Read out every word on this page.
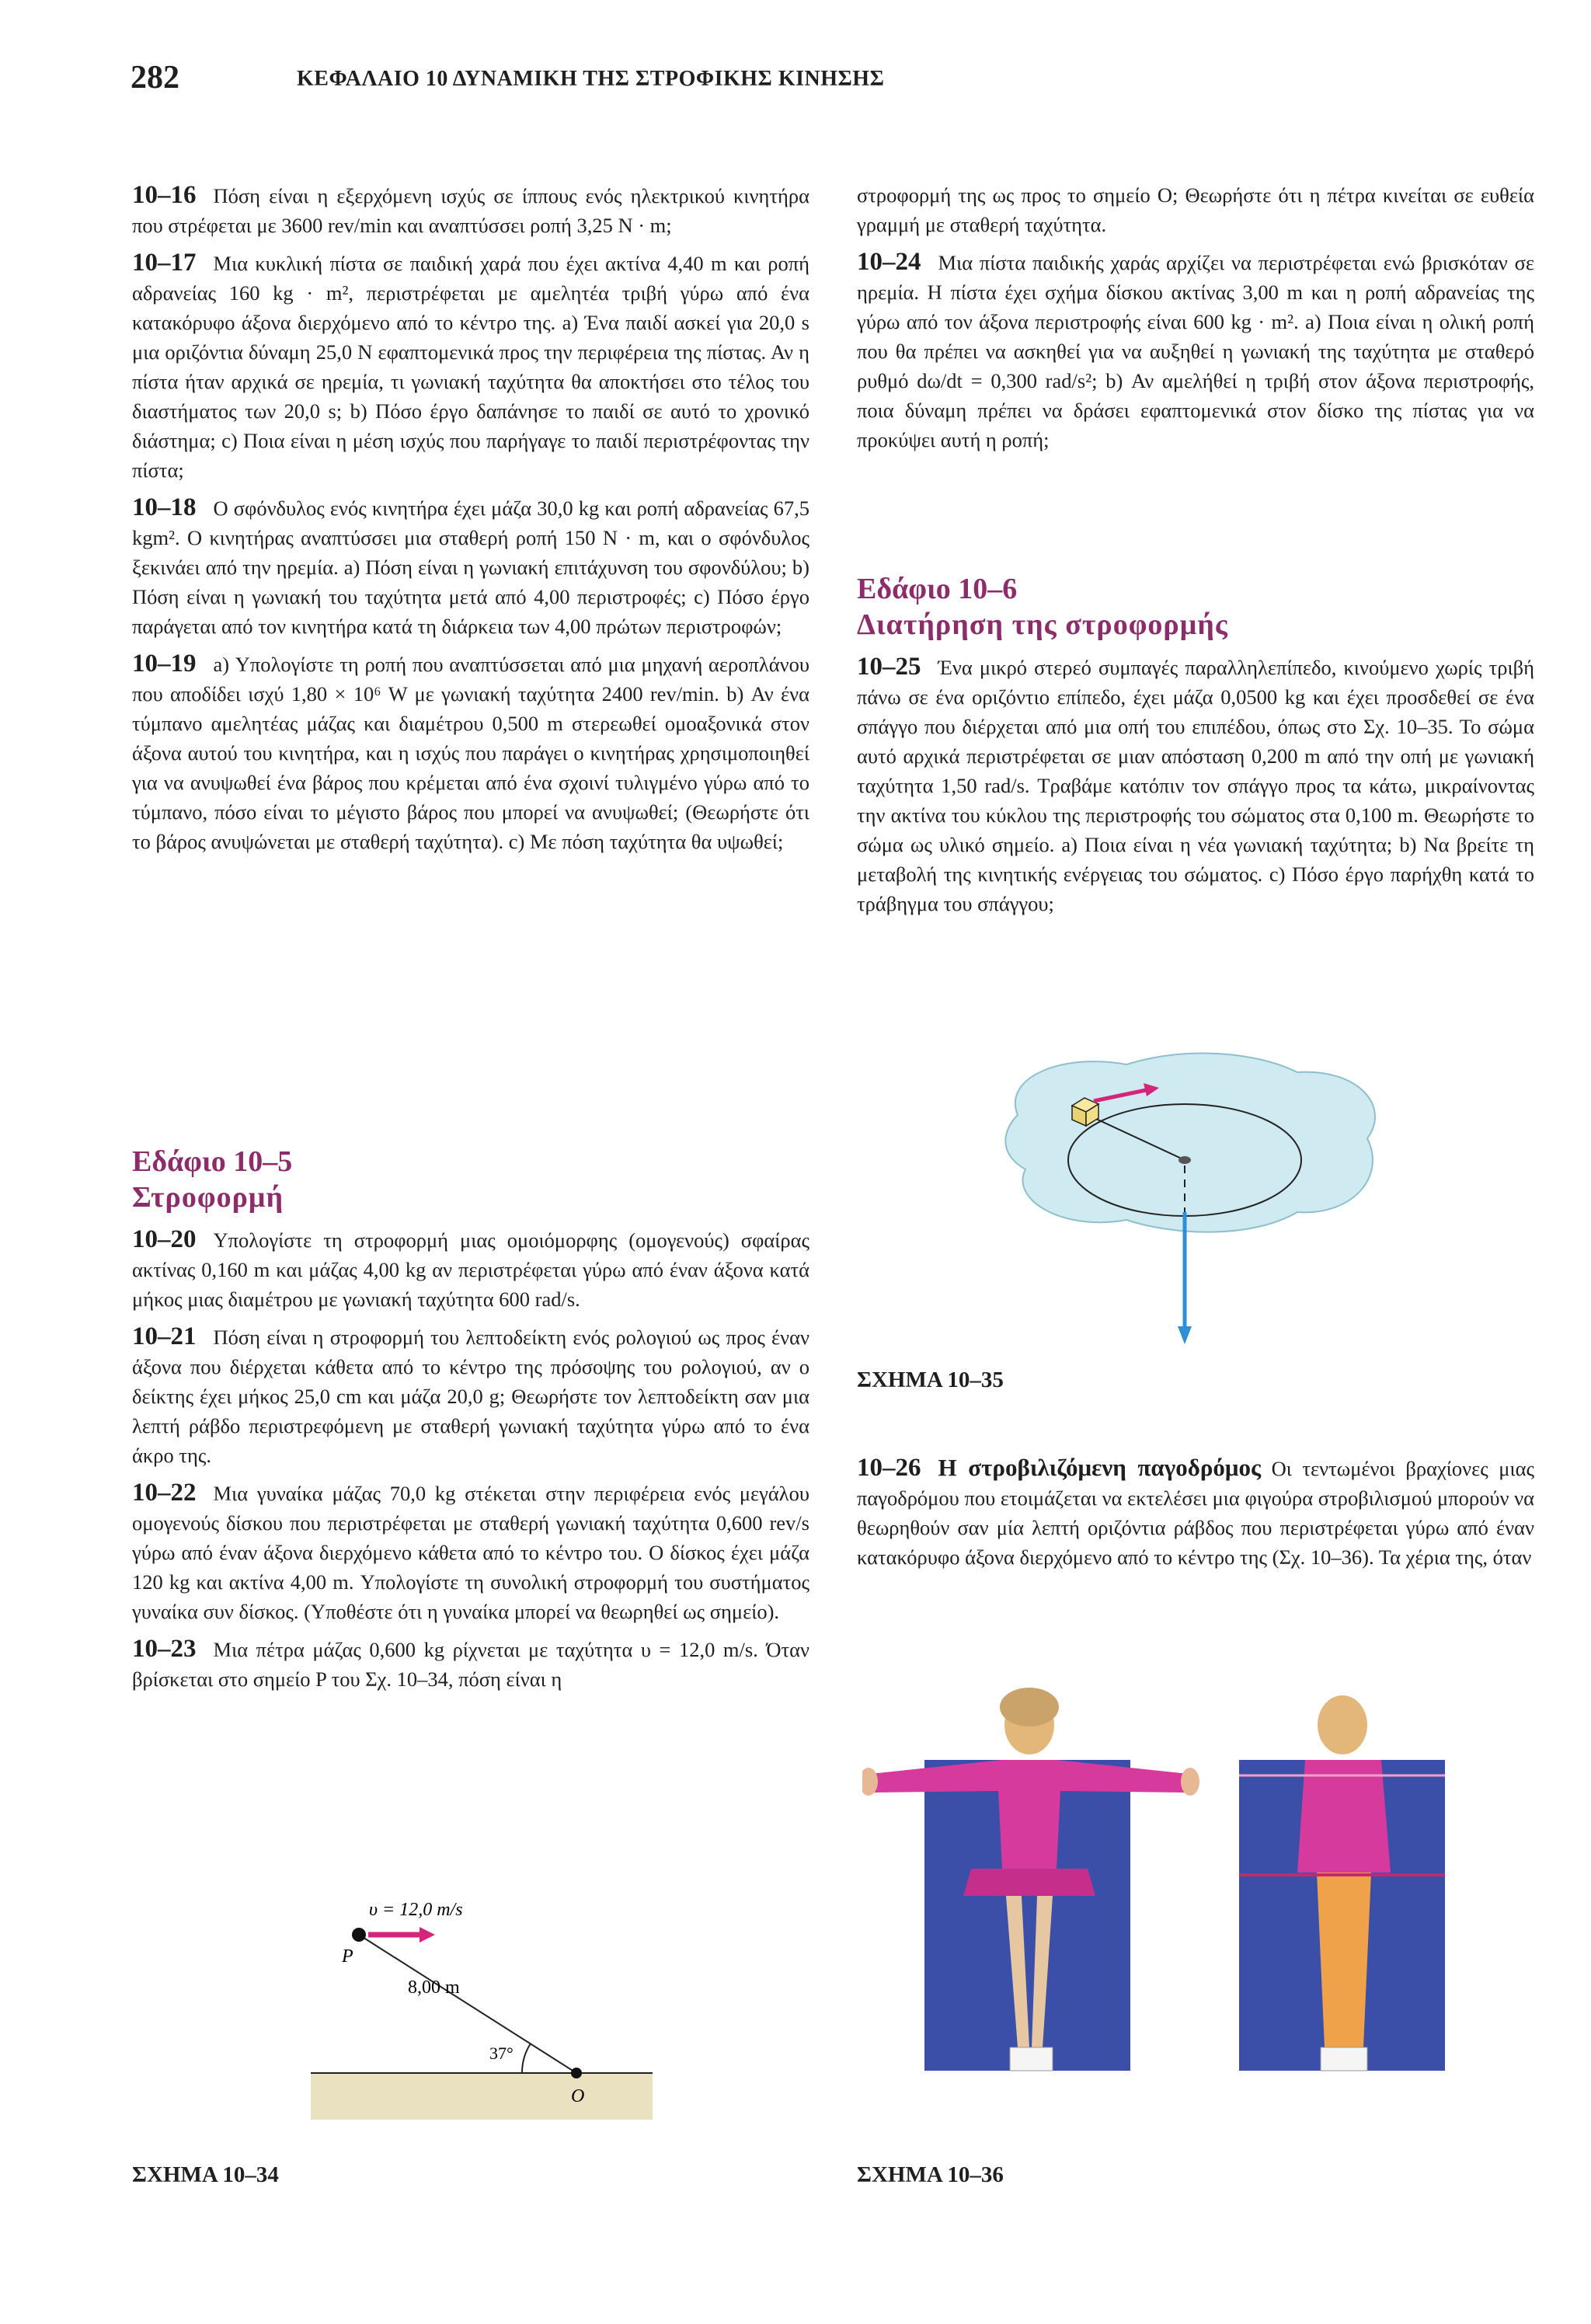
282	ΚΕΦΑΛΑΙΟ 10 ΔΥΝΑΜΙΚΗ ΤΗΣ ΣΤΡΟΦΙΚΗΣ ΚΙΝΗΣΗΣ

10–16 Πόση είναι η εξερχόμενη ισχύς σε ίππους ενός ηλεκτρικού κινητήρα που στρέφεται με 3600 rev/min και αναπτύσσει ροπή 3,25 N · m;

10–17 Μια κυκλική πίστα σε παιδική χαρά που έχει ακτίνα 4,40 m και ροπή αδρανείας 160 kg · m², περιστρέφεται με αμελητέα τριβή γύρω από ένα κατακόρυφο άξονα διερχόμενο από το κέντρο της. a) Ένα παιδί ασκεί για 20,0 s μια οριζόντια δύναμη 25,0 N εφαπτομενικά προς την περιφέρεια της πίστας. Αν η πίστα ήταν αρχικά σε ηρεμία, τι γωνιακή ταχύτητα θα αποκτήσει στο τέλος του διαστήματος των 20,0 s; b) Πόσο έργο δαπάνησε το παιδί σε αυτό το χρονικό διάστημα; c) Ποια είναι η μέση ισχύς που παρήγαγε το παιδί περιστρέφοντας την πίστα;

10–18 Ο σφόνδυλος ενός κινητήρα έχει μάζα 30,0 kg και ροπή αδρανείας 67,5 kgm². Ο κινητήρας αναπτύσσει μια σταθερή ροπή 150 N · m, και ο σφόνδυλος ξεκινάει από την ηρεμία. a) Πόση είναι η γωνιακή επιτάχυνση του σφονδύλου; b) Πόση είναι η γωνιακή του ταχύτητα μετά από 4,00 περιστροφές; c) Πόσο έργο παράγεται από τον κινητήρα κατά τη διάρκεια των 4,00 πρώτων περιστροφών;

10–19 a) Υπολογίστε τη ροπή που αναπτύσσεται από μια μηχανή αεροπλάνου που αποδίδει ισχύ 1,80 × 10⁶ W με γωνιακή ταχύτητα 2400 rev/min. b) Αν ένα τύμπανο αμελητέας μάζας και διαμέτρου 0,500 m στερεωθεί ομοαξονικά στον άξονα αυτού του κινητήρα, και η ισχύς που παράγει ο κινητήρας χρησιμοποιηθεί για να ανυψωθεί ένα βάρος που κρέμεται από ένα σχοινί τυλιγμένο γύρω από το τύμπανο, πόσο είναι το μέγιστο βάρος που μπορεί να ανυψωθεί; (Θεωρήστε ότι το βάρος ανυψώνεται με σταθερή ταχύτητα). c) Με πόση ταχύτητα θα υψωθεί;

Εδάφιο 10–5
Στροφορμή

10–20 Υπολογίστε τη στροφορμή μιας ομοιόμορφης (ομογενούς) σφαίρας ακτίνας 0,160 m και μάζας 4,00 kg αν περιστρέφεται γύρω από έναν άξονα κατά μήκος μιας διαμέτρου με γωνιακή ταχύτητα 600 rad/s.

10–21 Πόση είναι η στροφορμή του λεπτοδείκτη ενός ρολογιού ως προς έναν άξονα που διέρχεται κάθετα από το κέντρο της πρόσοψης του ρολογιού, αν ο δείκτης έχει μήκος 25,0 cm και μάζα 20,0 g; Θεωρήστε τον λεπτοδείκτη σαν μια λεπτή ράβδο περιστρεφόμενη με σταθερή γωνιακή ταχύτητα γύρω από το ένα άκρο της.

10–22 Μια γυναίκα μάζας 70,0 kg στέκεται στην περιφέρεια ενός μεγάλου ομογενούς δίσκου που περιστρέφεται με σταθερή γωνιακή ταχύτητα 0,600 rev/s γύρω από έναν άξονα διερχόμενο κάθετα από το κέντρο του. Ο δίσκος έχει μάζα 120 kg και ακτίνα 4,00 m. Υπολογίστε τη συνολική στροφορμή του συστήματος γυναίκα συν δίσκος. (Υποθέστε ότι η γυναίκα μπορεί να θεωρηθεί ως σημείο).

10–23 Μια πέτρα μάζας 0,600 kg ρίχνεται με ταχύτητα υ = 12,0 m/s. Όταν βρίσκεται στο σημείο P του Σχ. 10–34, πόση είναι η

υ = 12,0 m/s
P
8,00 m
37°
O
ΣΧΗΜΑ 10–34

στροφορμή της ως προς το σημείο O; Θεωρήστε ότι η πέτρα κινείται σε ευθεία γραμμή με σταθερή ταχύτητα.

10–24 Μια πίστα παιδικής χαράς αρχίζει να περιστρέφεται ενώ βρισκόταν σε ηρεμία. Η πίστα έχει σχήμα δίσκου ακτίνας 3,00 m και η ροπή αδρανείας της γύρω από τον άξονα περιστροφής είναι 600 kg · m². a) Ποια είναι η ολική ροπή που θα πρέπει να ασκηθεί για να αυξηθεί η γωνιακή της ταχύτητα με σταθερό ρυθμό dω/dt = 0,300 rad/s²; b) Αν αμελήθεί η τριβή στον άξονα περιστροφής, ποια δύναμη πρέπει να δράσει εφαπτομενικά στον δίσκο της πίστας για να προκύψει αυτή η ροπή;

Εδάφιο 10–6
Διατήρηση της στροφορμής

10–25 Ένα μικρό στερεό συμπαγές παραλληλεπίπεδο, κινούμενο χωρίς τριβή πάνω σε ένα οριζόντιο επίπεδο, έχει μάζα 0,0500 kg και έχει προσδεθεί σε ένα σπάγγο που διέρχεται από μια οπή του επιπέδου, όπως στο Σχ. 10–35. Το σώμα αυτό αρχικά περιστρέφεται σε μιαν απόσταση 0,200 m από την οπή με γωνιακή ταχύτητα 1,50 rad/s. Τραβάμε κατόπιν τον σπάγγο προς τα κάτω, μικραίνοντας την ακτίνα του κύκλου της περιστροφής του σώματος στα 0,100 m. Θεωρήστε το σώμα ως υλικό σημείο. a) Ποια είναι η νέα γωνιακή ταχύτητα; b) Να βρείτε τη μεταβολή της κινητικής ενέργειας του σώματος. c) Πόσο έργο παρήχθη κατά το τράβηγμα του σπάγγου;

ΣΧΗΜΑ 10–35

10–26 Η στροβιλιζόμενη παγοδρόμος Οι τεντωμένοι βραχίονες μιας παγοδρόμου που ετοιμάζεται να εκτελέσει μια φιγούρα στροβιλισμού μπορούν να θεωρηθούν σαν μία λεπτή οριζόντια ράβδος που περιστρέφεται γύρω από έναν κατακόρυφο άξονα διερχόμενο από το κέντρο της (Σχ. 10–36). Τα χέρια της, όταν

ΣΧΗΜΑ 10–36
